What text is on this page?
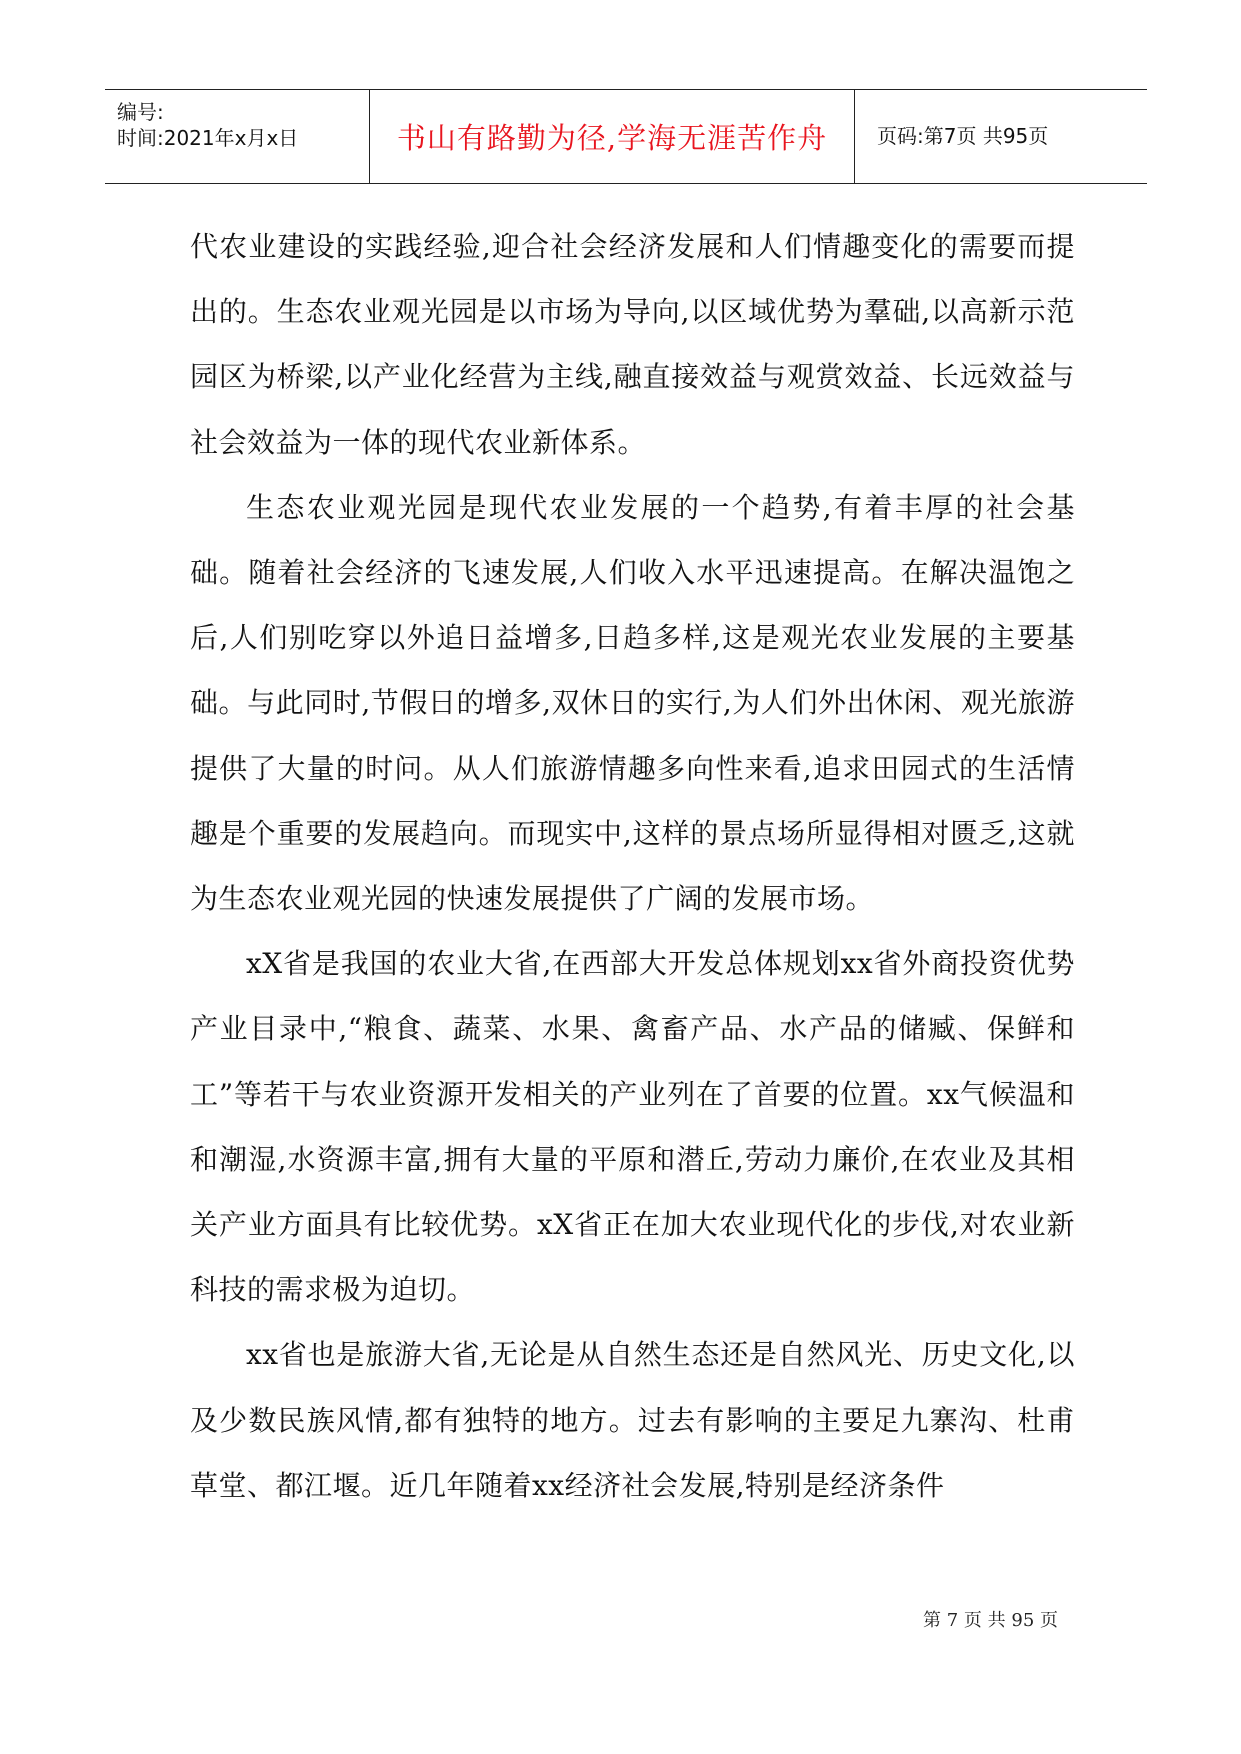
编号:
时间:2021年x月x日	书山有路勤为径,学海无涯苦作舟	页码:第7页 共95页

代农业建设的实践经验,迎合社会经济发展和人们情趣变化的需要而提出的。生态农业观光园是以市场为导向,以区域优势为羣础,以高新示范园区为桥梁,以产业化经营为主线,融直接效益与观赏效益、长远效益与社会效益为一体的现代农业新体系。

生态农业观光园是现代农业发展的一个趋势,有着丰厚的社会基础。随着社会经济的飞速发展,人们收入水平迅速提高。在解决温饱之后,人们别吃穿以外追日益增多,日趋多样,这是观光农业发展的主要基础。与此同时,节假日的增多,双休日的实行,为人们外出休闲、观光旅游提供了大量的时问。从人们旅游情趣多向性来看,追求田园式的生活情趣是个重要的发展趋向。而现实中,这样的景点场所显得相对匮乏,这就为生态农业观光园的快速发展提供了广阔的发展市场。

xX省是我国的农业大省,在西部大开发总体规划xx省外商投资优势产业目录中,“粮食、蔬菜、水果、禽畜产品、水产品的储臧、保鲜和工”等若干与农业资源开发相关的产业列在了首要的位置。xx气候温和和潮湿,水资源丰富,拥有大量的平原和潜丘,劳动力廉价,在农业及其相关产业方面具有比较优势。xX省正在加大农业现代化的步伐,对农业新科技的需求极为迫切。

xx省也是旅游大省,无论是从自然生态还是自然风光、历史文化,以及少数民族风情,都有独特的地方。过去有影响的主要足九寨沟、杜甫草堂、都江堰。近几年随着xx经济社会发展,特别是经济条件

第 7 页 共 95 页
